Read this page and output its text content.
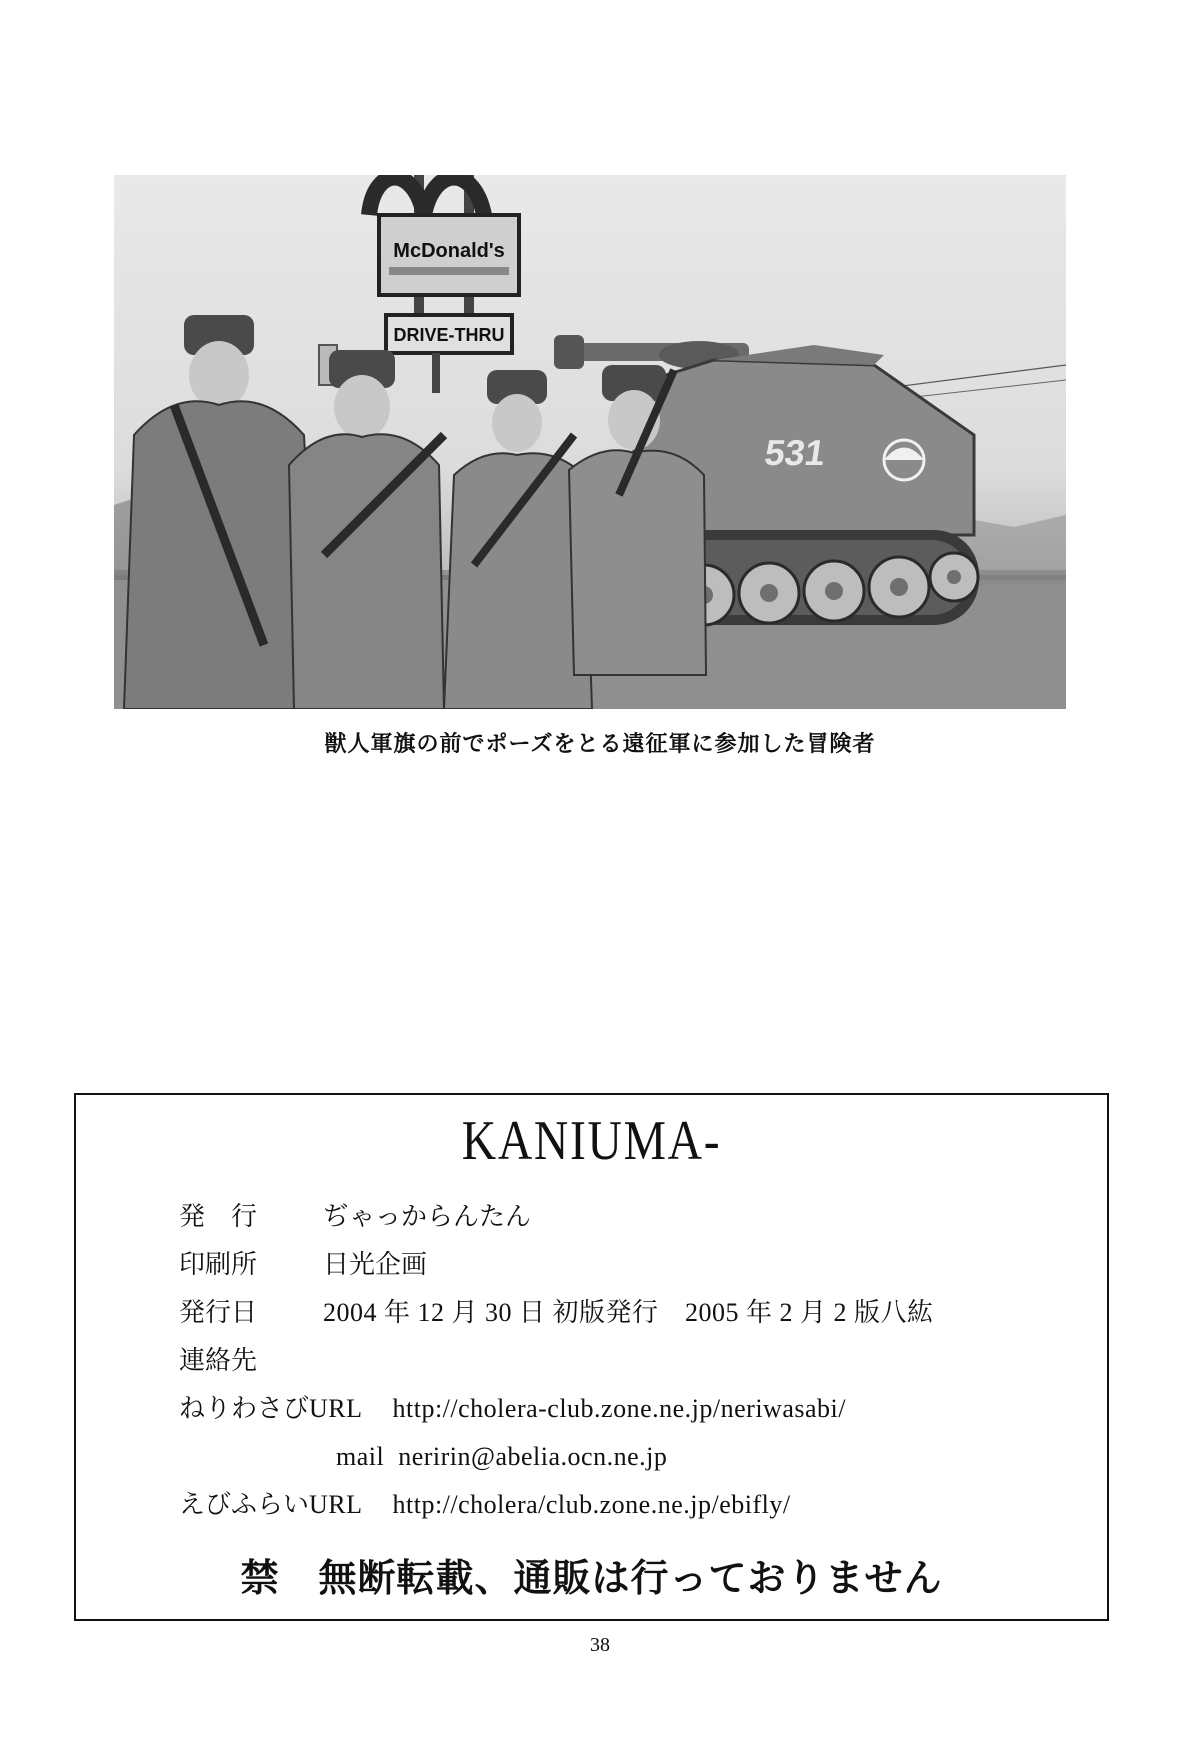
McDonald's
DRIVE-THRU
531
獣人軍旗の前でポーズをとる遠征軍に参加した冒険者
KANIUMA-
発　行	ぢゃっからんたん
印刷所	日光企画
発行日	2004 年 12 月 30 日 初版発行　2005 年 2 月 2 版八紘
連絡先
ねりわさびURL http://cholera-club.zone.ne.jp/neriwasabi/
mail neririn@abelia.ocn.ne.jp
えびふらいURL http://cholera/club.zone.ne.jp/ebifly/
禁　無断転載、通販は行っておりません
38
